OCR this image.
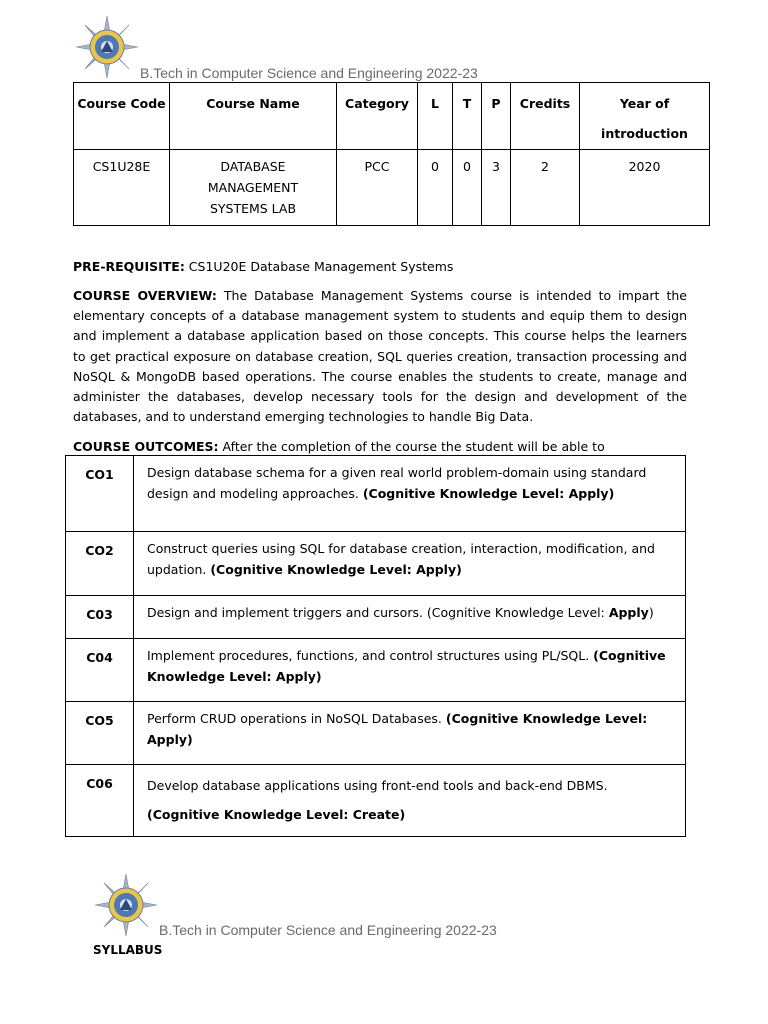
B.Tech in Computer Science and Engineering 2022-23
Course Code	Course Name	Category	L	T	P	Credits	Year of
introduction
CS1U28E	DATABASE
MANAGEMENT
SYSTEMS LAB	PCC	0	0	3	2	2020
PRE-REQUISITE: CS1U20E Database Management Systems
COURSE OVERVIEW: The Database Management Systems course is intended to impart the elementary concepts of a database management system to students and equip them to design and implement a database application based on those concepts. This course helps the learners to get practical exposure on database creation, SQL queries creation, transaction processing and NoSQL & MongoDB based operations. The course enables the students to create, manage and administer the databases, develop necessary tools for the design and development of the databases, and to understand emerging technologies to handle Big Data.
COURSE OUTCOMES: After the completion of the course the student will be able to
CO1	Design database schema for a given real world problem-domain using standard design and modeling approaches. (Cognitive Knowledge Level: Apply)
CO2	Construct queries using SQL for database creation, interaction, modification, and updation. (Cognitive Knowledge Level: Apply)
C03	Design and implement triggers and cursors. (Cognitive Knowledge Level: Apply)
C04	Implement procedures, functions, and control structures using PL/SQL. (Cognitive Knowledge Level: Apply)
CO5	Perform CRUD operations in NoSQL Databases. (Cognitive Knowledge Level: Apply)
C06	Develop database applications using front-end tools and back-end DBMS. (Cognitive Knowledge Level: Create)
B.Tech in Computer Science and Engineering 2022-23
SYLLABUS
